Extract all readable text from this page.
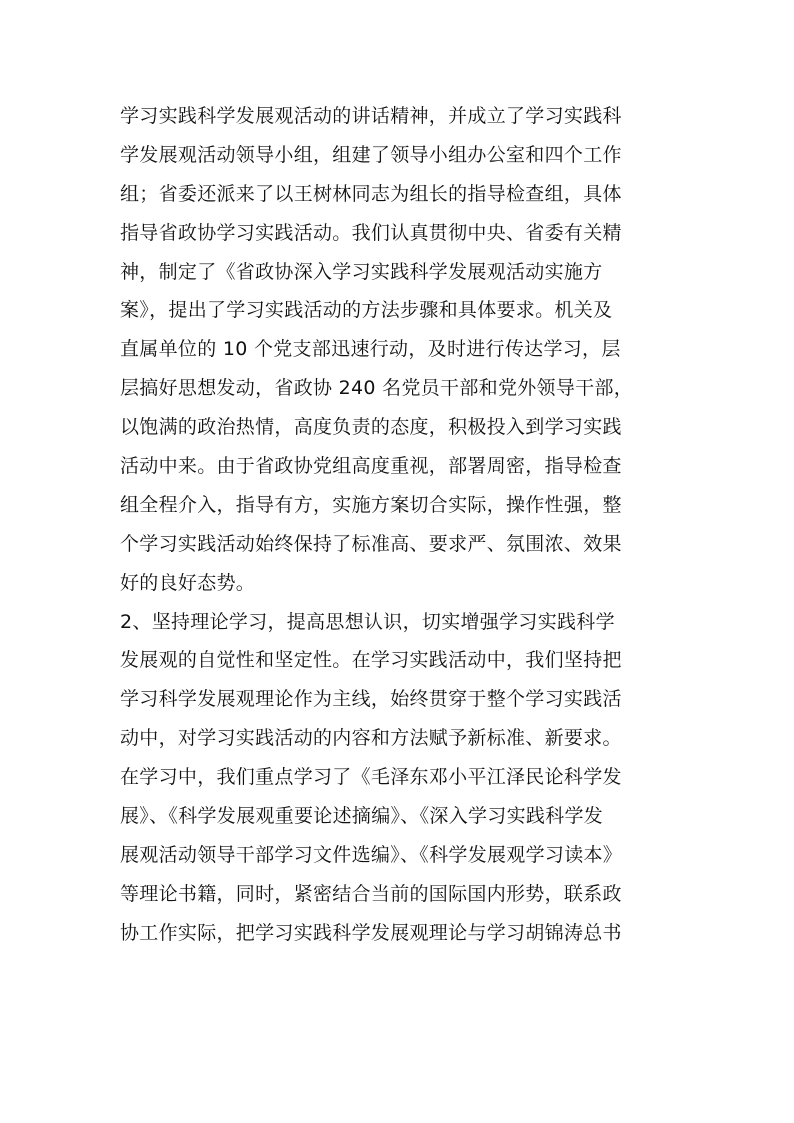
学习实践科学发展观活动的讲话精神，并成立了学习实践科
学发展观活动领导小组，组建了领导小组办公室和四个工作
组；省委还派来了以王树林同志为组长的指导检查组，具体
指导省政协学习实践活动。我们认真贯彻中央、省委有关精
神，制定了《省政协深入学习实践科学发展观活动实施方
案》，提出了学习实践活动的方法步骤和具体要求。机关及
直属单位的 10 个党支部迅速行动，及时进行传达学习，层
层搞好思想发动，省政协 240 名党员干部和党外领导干部，
以饱满的政治热情，高度负责的态度，积极投入到学习实践
活动中来。由于省政协党组高度重视，部署周密，指导检查
组全程介入，指导有方，实施方案切合实际，操作性强，整
个学习实践活动始终保持了标准高、要求严、氛围浓、效果
好的良好态势。
2、坚持理论学习，提高思想认识，切实增强学习实践科学
发展观的自觉性和坚定性。在学习实践活动中，我们坚持把
学习科学发展观理论作为主线，始终贯穿于整个学习实践活
动中，对学习实践活动的内容和方法赋予新标准、新要求。
在学习中，我们重点学习了《毛泽东邓小平江泽民论科学发
展》、《科学发展观重要论述摘编》、《深入学习实践科学发
展观活动领导干部学习文件选编》、《科学发展观学习读本》
等理论书籍，同时，紧密结合当前的国际国内形势，联系政
协工作实际，把学习实践科学发展观理论与学习胡锦涛总书
